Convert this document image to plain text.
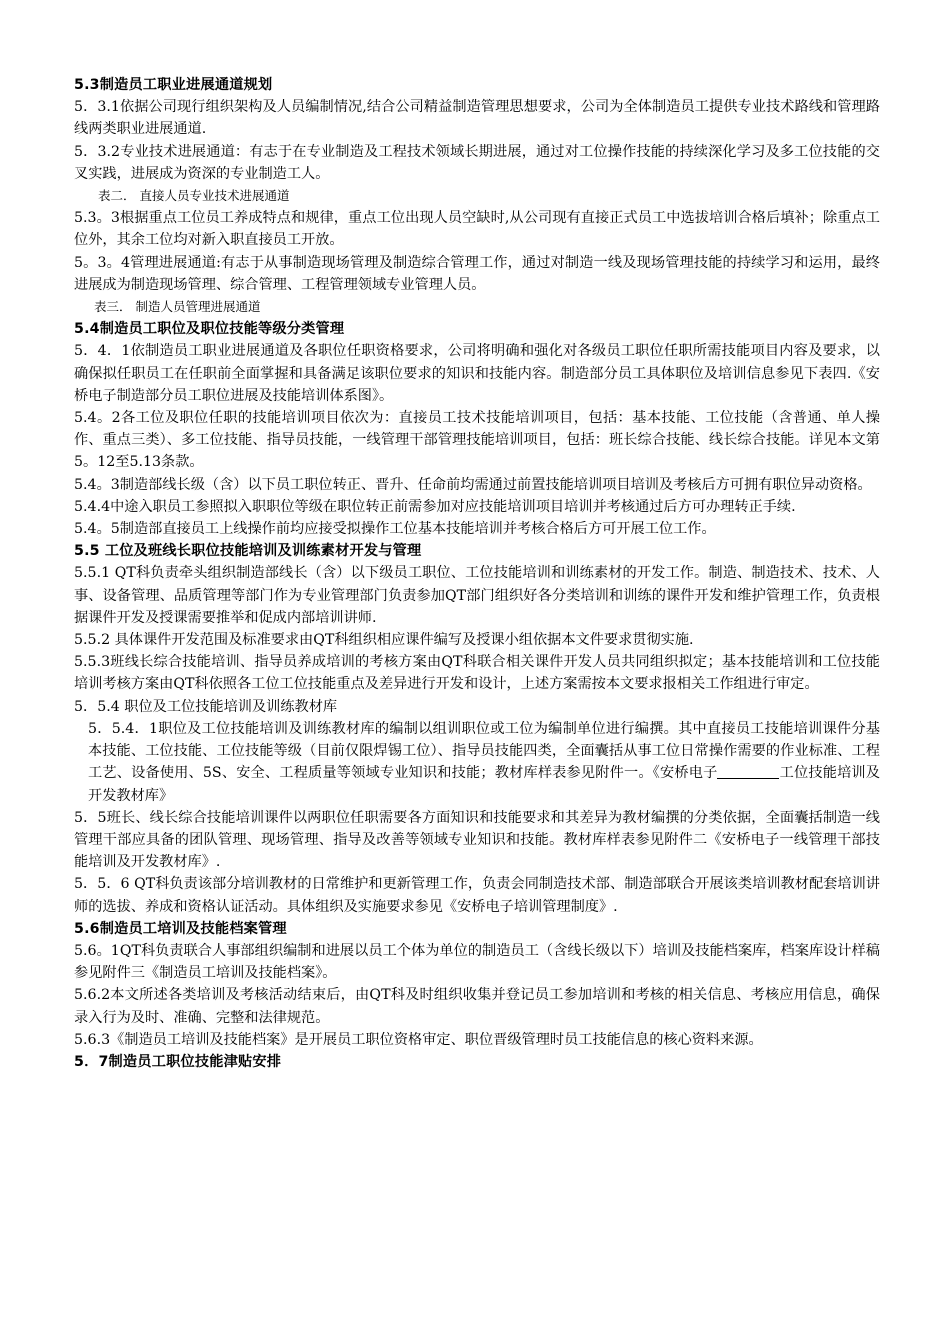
5.3制造员工职业进展通道规划

5．3.1依据公司现行组织架构及人员编制情况,结合公司精益制造管理思想要求，公司为全体制造员工提供专业技术路线和管理路线两类职业进展通道.

5．3.2专业技术进展通道：有志于在专业制造及工程技术领域长期进展，通过对工位操作技能的持续深化学习及多工位技能的交叉实践，进展成为资深的专业制造工人。

表二． 直接人员专业技术进展通道

5.3。3根据重点工位员工养成特点和规律，重点工位出现人员空缺时,从公司现有直接正式员工中选拔培训合格后填补；除重点工位外，其余工位均对新入职直接员工开放。

5。3。4管理进展通道:有志于从事制造现场管理及制造综合管理工作，通过对制造一线及现场管理技能的持续学习和运用，最终进展成为制造现场管理、综合管理、工程管理领域专业管理人员。

表三． 制造人员管理进展通道

5.4制造员工职位及职位技能等级分类管理

5．4．1依制造员工职业进展通道及各职位任职资格要求，公司将明确和强化对各级员工职位任职所需技能项目内容及要求，以确保拟任职员工在任职前全面掌握和具备满足该职位要求的知识和技能内容。制造部分员工具体职位及培训信息参见下表四.《安桥电子制造部分员工职位进展及技能培训体系图》。

5.4。2各工位及职位任职的技能培训项目依次为：直接员工技术技能培训项目，包括：基本技能、工位技能（含普通、单人操作、重点三类）、多工位技能、指导员技能，一线管理干部管理技能培训项目，包括：班长综合技能、线长综合技能。详见本文第5。12至5.13条款。

5.4。3制造部线长级（含）以下员工职位转正、晋升、任命前均需通过前置技能培训项目培训及考核后方可拥有职位异动资格。

5.4.4中途入职员工参照拟入职职位等级在职位转正前需参加对应技能培训项目培训并考核通过后方可办理转正手续.

5.4。5制造部直接员工上线操作前均应接受拟操作工位基本技能培训并考核合格后方可开展工位工作。

5.5 工位及班线长职位技能培训及训练素材开发与管理

5.5.1 QT科负责牵头组织制造部线长（含）以下级员工职位、工位技能培训和训练素材的开发工作。制造、制造技术、技术、人事、设备管理、品质管理等部门作为专业管理部门负责参加QT部门组织好各分类培训和训练的课件开发和维护管理工作，负责根据课件开发及授课需要推举和促成内部培训讲师.

5.5.2 具体课件开发范围及标准要求由QT科组织相应课件编写及授课小组依据本文件要求贯彻实施.

5.5.3班线长综合技能培训、指导员养成培训的考核方案由QT科联合相关课件开发人员共同组织拟定；基本技能培训和工位技能培训考核方案由QT科依照各工位工位技能重点及差异进行开发和设计，上述方案需按本文要求报相关工作组进行审定。

5．5.4 职位及工位技能培训及训练教材库

5．5.4．1职位及工位技能培训及训练教材库的编制以组训职位或工位为编制单位进行编撰。其中直接员工技能培训课件分基本技能、工位技能、工位技能等级（目前仅限焊锡工位）、指导员技能四类，全面囊括从事工位日常操作需要的作业标准、工程工艺、设备使用、5S、安全、工程质量等领域专业知识和技能；教材库样表参见附件一。《安桥电子	工位技能培训及开发教材库》

5．5班长、线长综合技能培训课件以两职位任职需要各方面知识和技能要求和其差异为教材编撰的分类依据，全面囊括制造一线管理干部应具备的团队管理、现场管理、指导及改善等领域专业知识和技能。教材库样表参见附件二《安桥电子一线管理干部技能培训及开发教材库》.

5．5．6 QT科负责该部分培训教材的日常维护和更新管理工作，负责会同制造技术部、制造部联合开展该类培训教材配套培训讲师的选拔、养成和资格认证活动。具体组织及实施要求参见《安桥电子培训管理制度》.

5.6制造员工培训及技能档案管理

5.6。1QT科负责联合人事部组织编制和进展以员工个体为单位的制造员工（含线长级以下）培训及技能档案库，档案库设计样稿参见附件三《制造员工培训及技能档案》。

5.6.2本文所述各类培训及考核活动结束后，由QT科及时组织收集并登记员工参加培训和考核的相关信息、考核应用信息，确保录入行为及时、准确、完整和法律规范。

5.6.3《制造员工培训及技能档案》是开展员工职位资格审定、职位晋级管理时员工技能信息的核心资料来源。

5．7制造员工职位技能津贴安排
